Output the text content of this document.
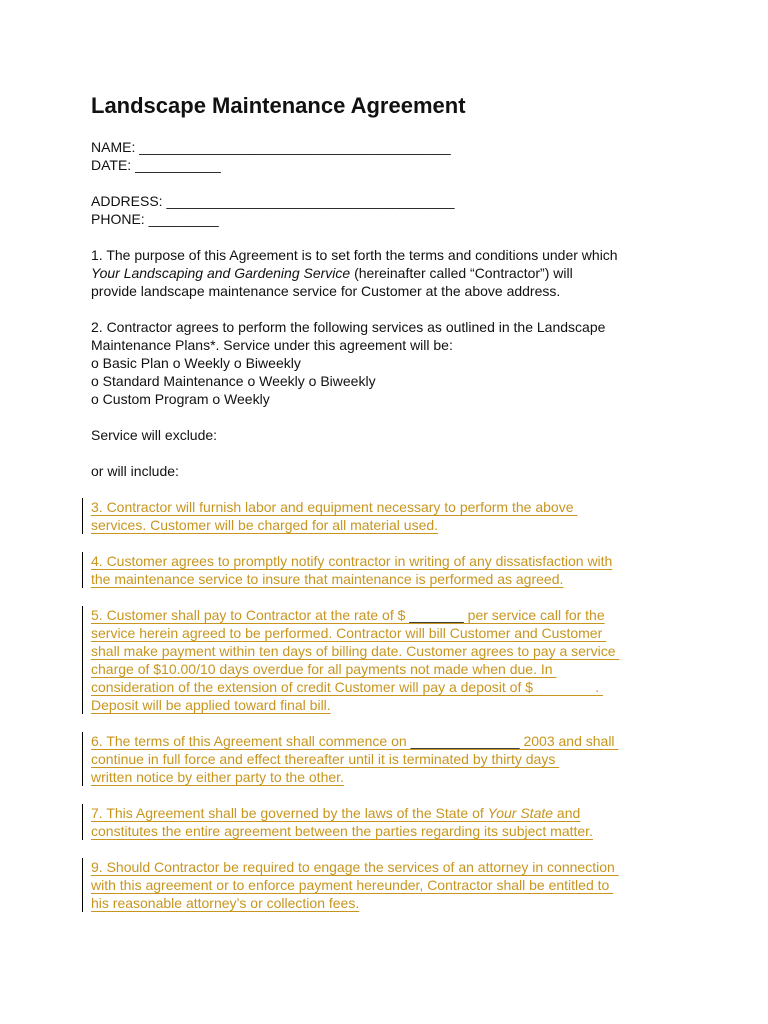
Landscape Maintenance Agreement
NAME: ________________________________________
DATE: ___________
ADDRESS: _____________________________________
PHONE: _________
1. The purpose of this Agreement is to set forth the terms and conditions under which
Your Landscaping and Gardening Service (hereinafter called “Contractor”) will
provide landscape maintenance service for Customer at the above address.
2. Contractor agrees to perform the following services as outlined in the Landscape
Maintenance Plans*. Service under this agreement will be:
o Basic Plan o Weekly o Biweekly
o Standard Maintenance o Weekly o Biweekly
o Custom Program o Weekly
Service will exclude:
or will include:
3. Contractor will furnish labor and equipment necessary to perform the above
services. Customer will be charged for all material used.
4. Customer agrees to promptly notify contractor in writing of any dissatisfaction with
the maintenance service to insure that maintenance is performed as agreed.
5. Customer shall pay to Contractor at the rate of $ _______ per service call for the
service herein agreed to be performed. Contractor will bill Customer and Customer
shall make payment within ten days of billing date. Customer agrees to pay a service
charge of $10.00/10 days overdue for all payments not made when due. In
consideration of the extension of credit Customer will pay a deposit of $                .
Deposit will be applied toward final bill.
6. The terms of this Agreement shall commence on ______________ 2003 and shall
continue in full force and effect thereafter until it is terminated by thirty days
written notice by either party to the other.
7. This Agreement shall be governed by the laws of the State of Your State and
constitutes the entire agreement between the parties regarding its subject matter.
9. Should Contractor be required to engage the services of an attorney in connection
with this agreement or to enforce payment hereunder, Contractor shall be entitled to
his reasonable attorney’s or collection fees.
